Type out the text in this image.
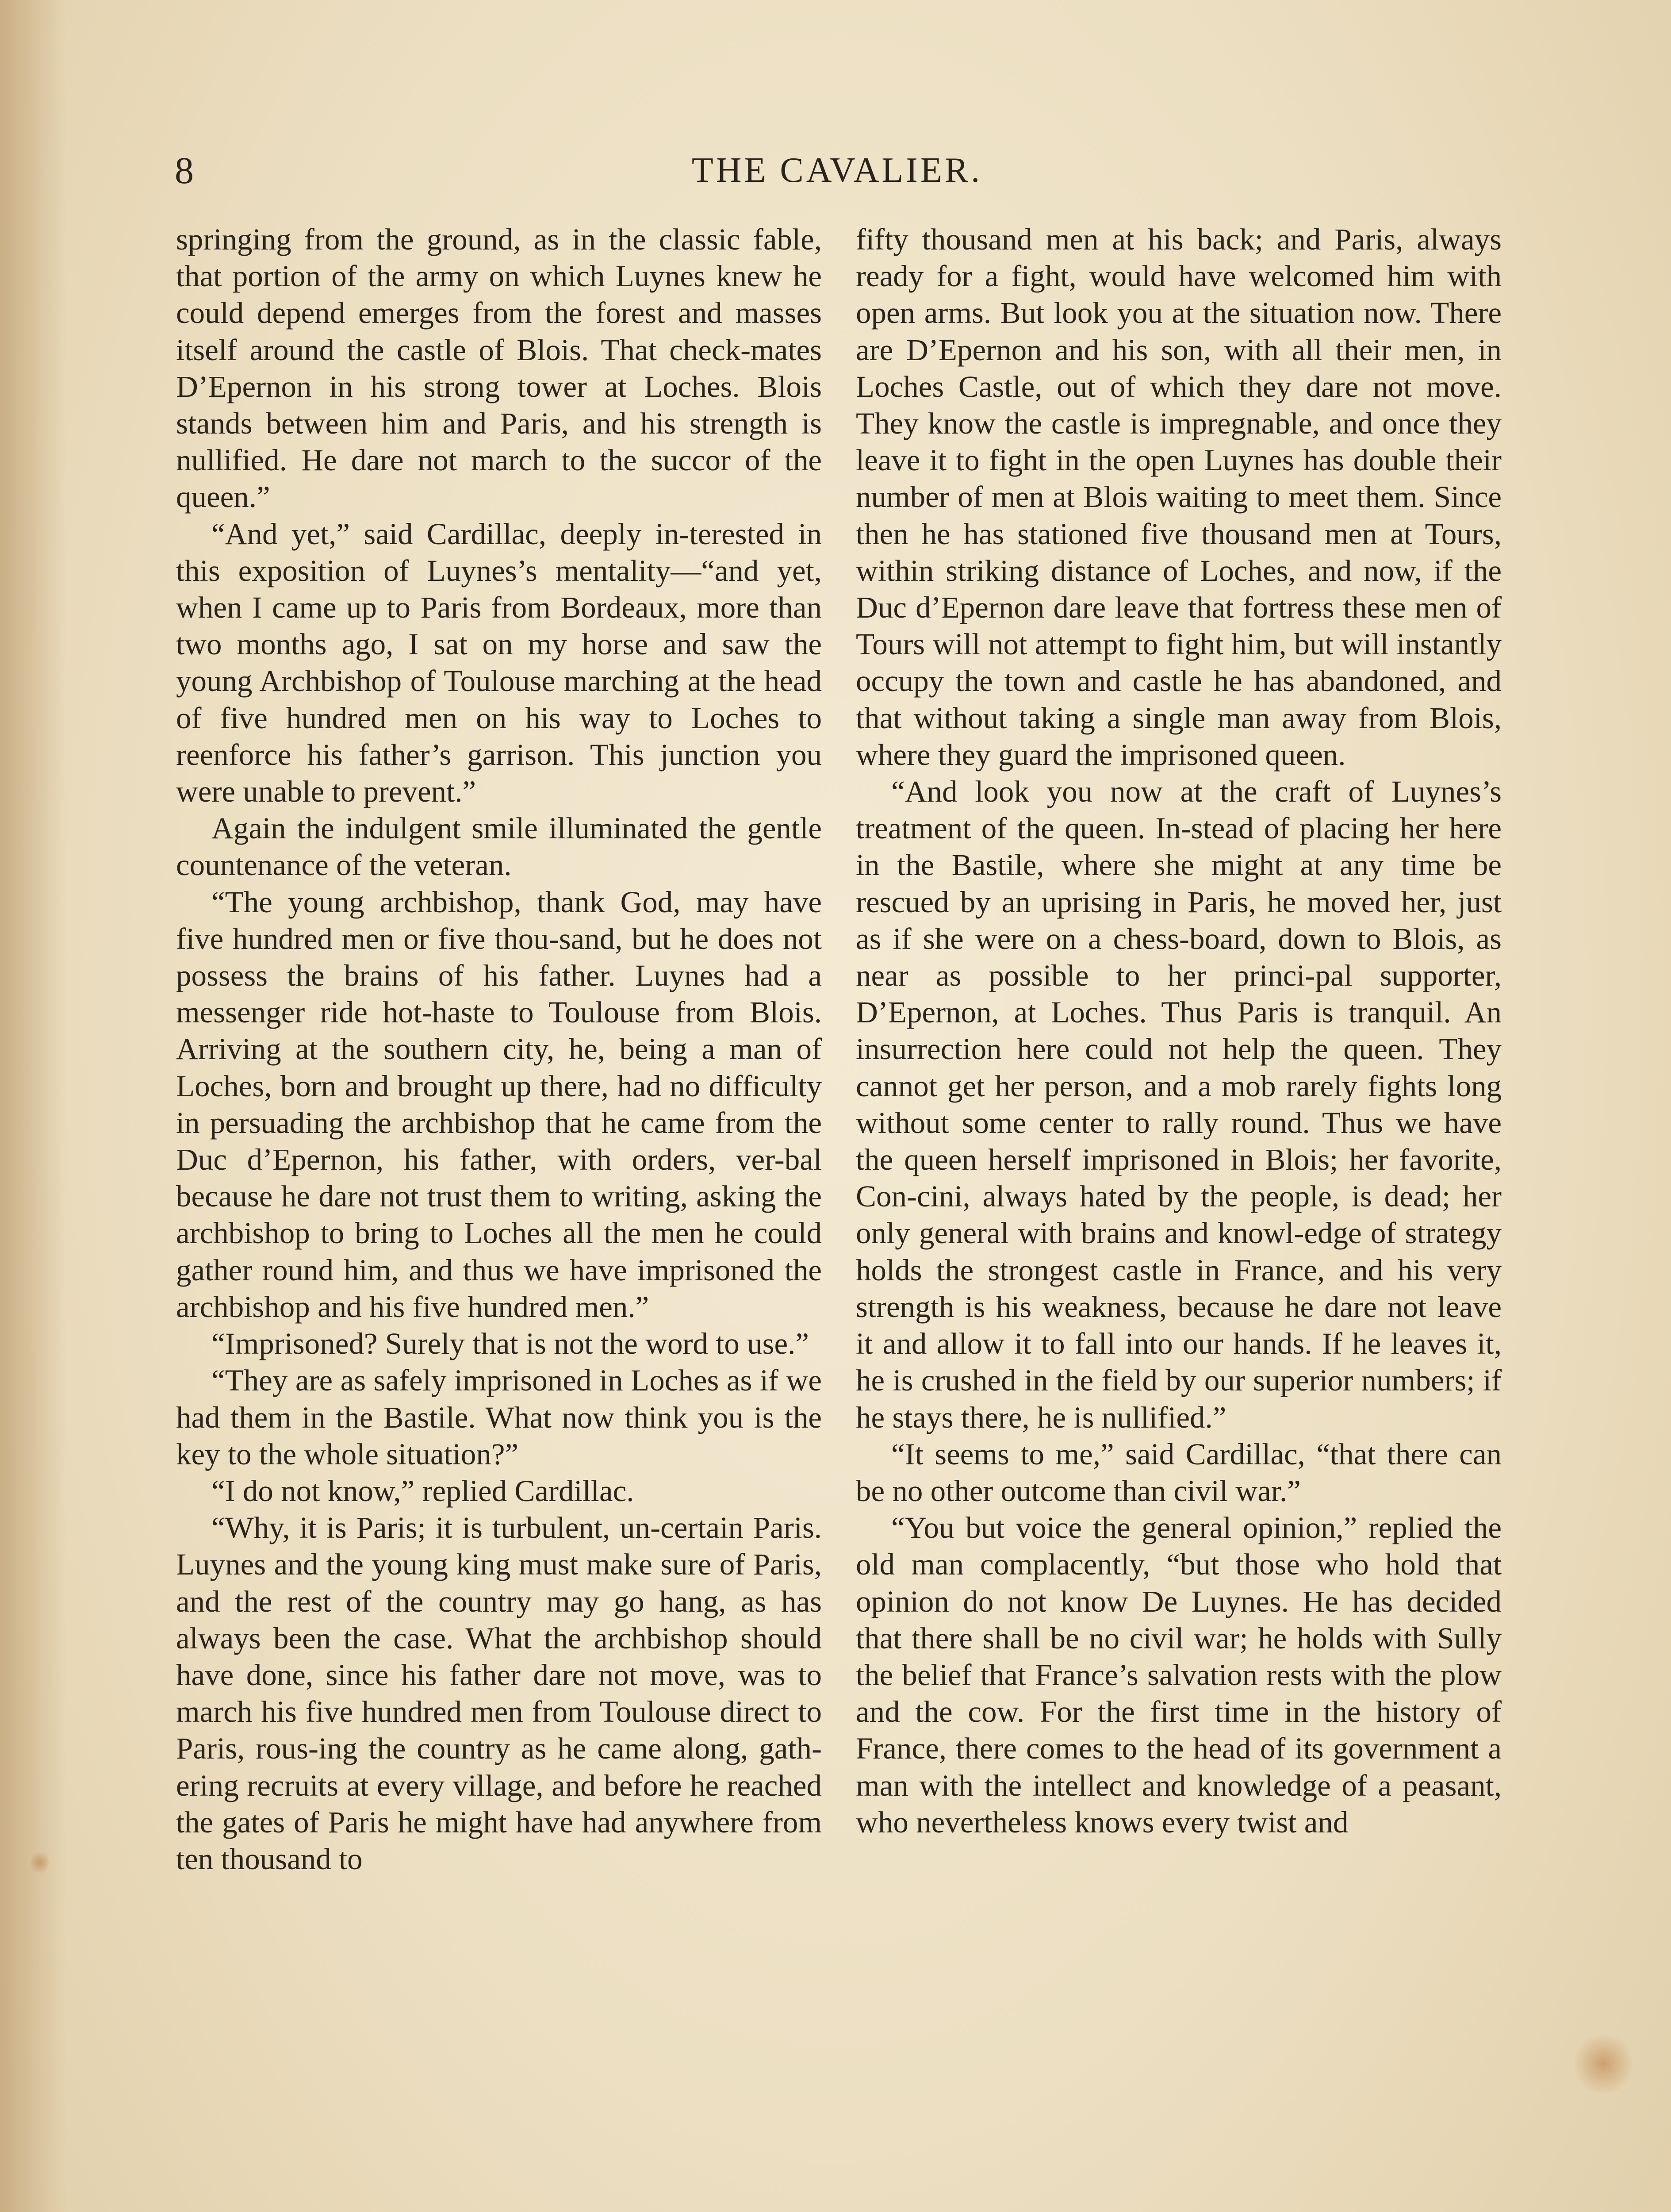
8	THE CAVALIER.

springing from the ground, as in the classic fable, that portion of the army on which Luynes knew he could depend emerges from the forest and masses itself around the castle of Blois. That check-mates D’Epernon in his strong tower at Loches. Blois stands between him and Paris, and his strength is nullified. He dare not march to the succor of the queen.”

“And yet,” said Cardillac, deeply in-terested in this exposition of Luynes’s mentality—“and yet, when I came up to Paris from Bordeaux, more than two months ago, I sat on my horse and saw the young Archbishop of Toulouse marching at the head of five hundred men on his way to Loches to reenforce his father’s garrison. This junction you were unable to prevent.”

Again the indulgent smile illuminated the gentle countenance of the veteran.

“The young archbishop, thank God, may have five hundred men or five thou-sand, but he does not possess the brains of his father. Luynes had a messenger ride hot-haste to Toulouse from Blois. Arriving at the southern city, he, being a man of Loches, born and brought up there, had no difficulty in persuading the archbishop that he came from the Duc d’Epernon, his father, with orders, ver-bal because he dare not trust them to writing, asking the archbishop to bring to Loches all the men he could gather round him, and thus we have imprisoned the archbishop and his five hundred men.”

“Imprisoned? Surely that is not the word to use.”

“They are as safely imprisoned in Loches as if we had them in the Bastile. What now think you is the key to the whole situation?”

“I do not know,” replied Cardillac.

“Why, it is Paris; it is turbulent, un-certain Paris. Luynes and the young king must make sure of Paris, and the rest of the country may go hang, as has always been the case. What the archbishop should have done, since his father dare not move, was to march his five hundred men from Toulouse direct to Paris, rous-ing the country as he came along, gath-ering recruits at every village, and before he reached the gates of Paris he might have had anywhere from ten thousand to

fifty thousand men at his back; and Paris, always ready for a fight, would have welcomed him with open arms. But look you at the situation now. There are D’Epernon and his son, with all their men, in Loches Castle, out of which they dare not move. They know the castle is impregnable, and once they leave it to fight in the open Luynes has double their number of men at Blois waiting to meet them. Since then he has stationed five thousand men at Tours, within striking distance of Loches, and now, if the Duc d’Epernon dare leave that fortress these men of Tours will not attempt to fight him, but will instantly occupy the town and castle he has abandoned, and that without taking a single man away from Blois, where they guard the imprisoned queen.

“And look you now at the craft of Luynes’s treatment of the queen. In-stead of placing her here in the Bastile, where she might at any time be rescued by an uprising in Paris, he moved her, just as if she were on a chess-board, down to Blois, as near as possible to her princi-pal supporter, D’Epernon, at Loches. Thus Paris is tranquil. An insurrection here could not help the queen. They cannot get her person, and a mob rarely fights long without some center to rally round. Thus we have the queen herself imprisoned in Blois; her favorite, Con-cini, always hated by the people, is dead; her only general with brains and knowl-edge of strategy holds the strongest castle in France, and his very strength is his weakness, because he dare not leave it and allow it to fall into our hands. If he leaves it, he is crushed in the field by our superior numbers; if he stays there, he is nullified.”

“It seems to me,” said Cardillac, “that there can be no other outcome than civil war.”

“You but voice the general opinion,” replied the old man complacently, “but those who hold that opinion do not know De Luynes. He has decided that there shall be no civil war; he holds with Sully the belief that France’s salvation rests with the plow and the cow. For the first time in the history of France, there comes to the head of its government a man with the intellect and knowledge of a peasant, who nevertheless knows every twist and
